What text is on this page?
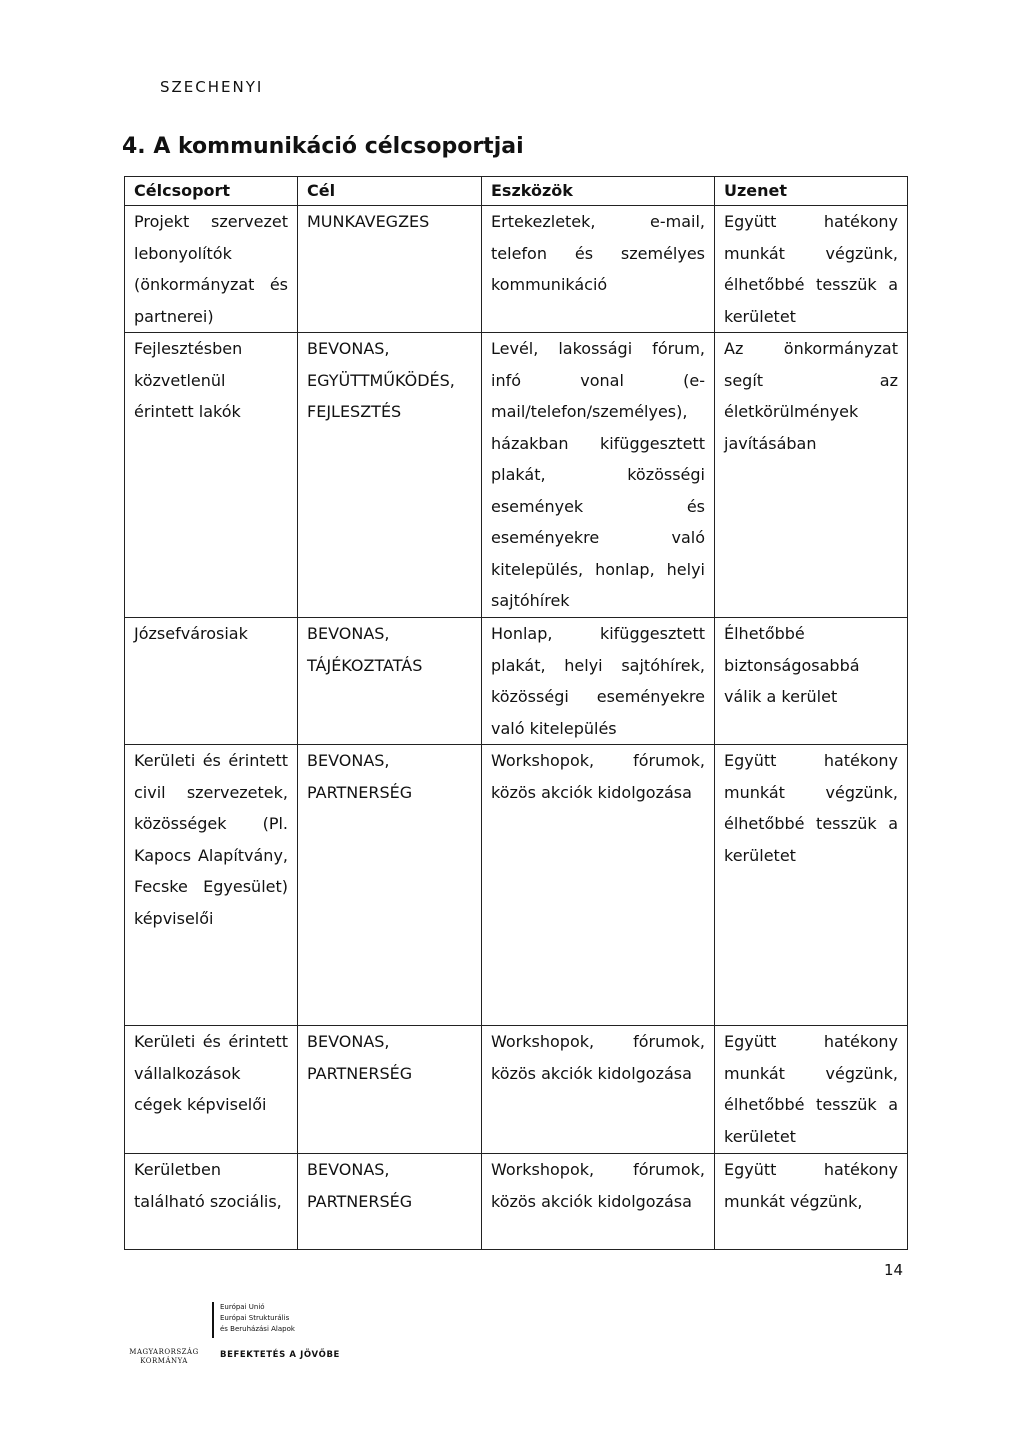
SZECHENYI
4. A kommunikáció célcsoportjai
Célcsoport	Cél	Eszközök	Uzenet
Projekt szervezet lebonyolítók (önkormányzat és partnerei)	MUNKAVEGZES	Ertekezletek, e-mail, telefon és személyes kommunikáció	Együtt hatékony munkát végzünk, élhetőbbé tesszük a kerületet
Fejlesztésben közvetlenül érintett lakók	BEVONAS, EGYÜTTMŰKÖDÉS, FEJLESZTÉS	Levél, lakossági fórum, infó vonal (e-mail/telefon/személyes), házakban kifüggesztett plakát, közösségi események és eseményekre való kitelepülés, honlap, helyi sajtóhírek	Az önkormányzat segít az életkörülmények javításában
Józsefvárosiak	BEVONAS, TÁJÉKOZTATÁS	Honlap, kifüggesztett plakát, helyi sajtóhírek, közösségi eseményekre való kitelepülés	Élhetőbbé biztonságosabbá válik a kerület
Kerületi és érintett civil szervezetek, közösségek (Pl. Kapocs Alapítvány, Fecske Egyesület) képviselői	BEVONAS, PARTNERSÉG	Workshopok, fórumok, közös akciók kidolgozása	Együtt hatékony munkát végzünk, élhetőbbé tesszük a kerületet
Kerületi és érintett vállalkozások cégek képviselői	BEVONAS, PARTNERSÉG	Workshopok, fórumok, közös akciók kidolgozása	Együtt hatékony munkát végzünk, élhetőbbé tesszük a kerületet
Kerületben található szociális,	BEVONAS, PARTNERSÉG	Workshopok, fórumok, közös akciók kidolgozása	Együtt hatékony munkát végzünk,
14
MAGYARORSZÁG KORMÁNYA
Európai Unió
Európai Strukturális
és Beruházási Alapok
BEFEKTETÉS A JÖVŐBE
